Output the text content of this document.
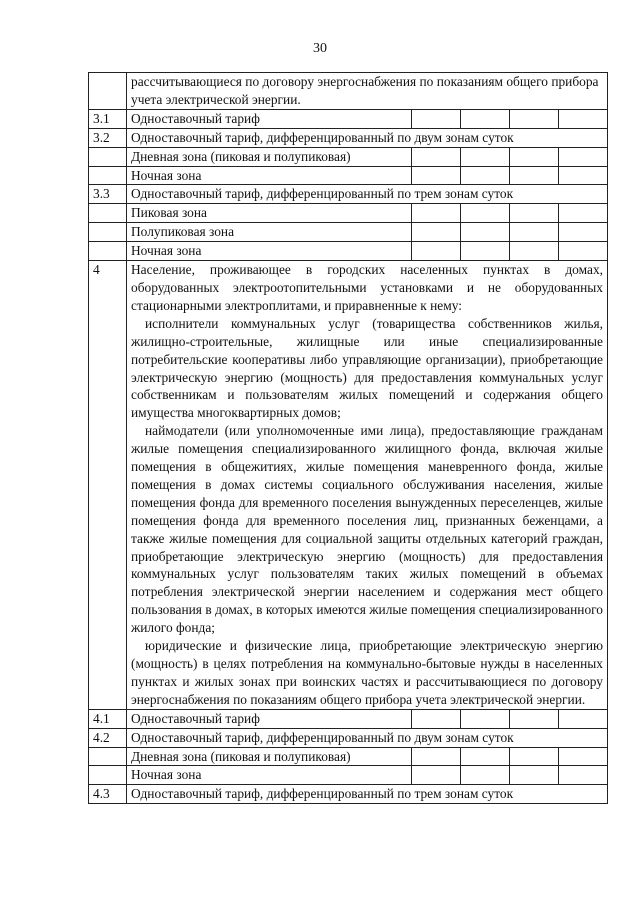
30
	рассчитывающиеся по договору энергоснабжения по показаниям общего прибора учета электрической энергии.				
3.1	Одноставочный тариф				
3.2	Одноставочный тариф, дифференцированный по двум зонам суток				
	Дневная зона (пиковая и полупиковая)				
	Ночная зона				
3.3	Одноставочный тариф, дифференцированный по трем зонам суток				
	Пиковая зона				
	Полупиковая зона				
	Ночная зона				
4	Население, проживающее в городских населенных пунктах в домах, оборудованных электроотопительными установками и не оборудованных стационарными электроплитами, и приравненные к нему:
исполнители коммунальных услуг (товарищества собственников жилья, жилищно-строительные, жилищные или иные специализированные потребительские кооперативы либо управляющие организации), приобретающие электрическую энергию (мощность) для предоставления коммунальных услуг собственникам и пользователям жилых помещений и содержания общего имущества многоквартирных домов;
наймодатели (или уполномоченные ими лица), предоставляющие гражданам жилые помещения специализированного жилищного фонда, включая жилые помещения в общежитиях, жилые помещения маневренного фонда, жилые помещения в домах системы социального обслуживания населения, жилые помещения фонда для временного поселения вынужденных переселенцев, жилые помещения фонда для временного поселения лиц, признанных беженцами, а также жилые помещения для социальной защиты отдельных категорий граждан, приобретающие электрическую энергию (мощность) для предоставления коммунальных услуг пользователям таких жилых помещений в объемах потребления электрической энергии населением и содержания мест общего пользования в домах, в которых имеются жилые помещения специализированного жилого фонда;
юридические и физические лица, приобретающие электрическую энергию (мощность) в целях потребления на коммунально-бытовые нужды в населенных пунктах и жилых зонах при воинских частях и рассчитывающиеся по договору энергоснабжения по показаниям общего прибора учета электрической энергии.				

4.1	Одноставочный тариф				
4.2	Одноставочный тариф, дифференцированный по двум зонам суток				
	Дневная зона (пиковая и полупиковая)				
	Ночная зона				
4.3	Одноставочный тариф, дифференцированный по трем зонам суток				
